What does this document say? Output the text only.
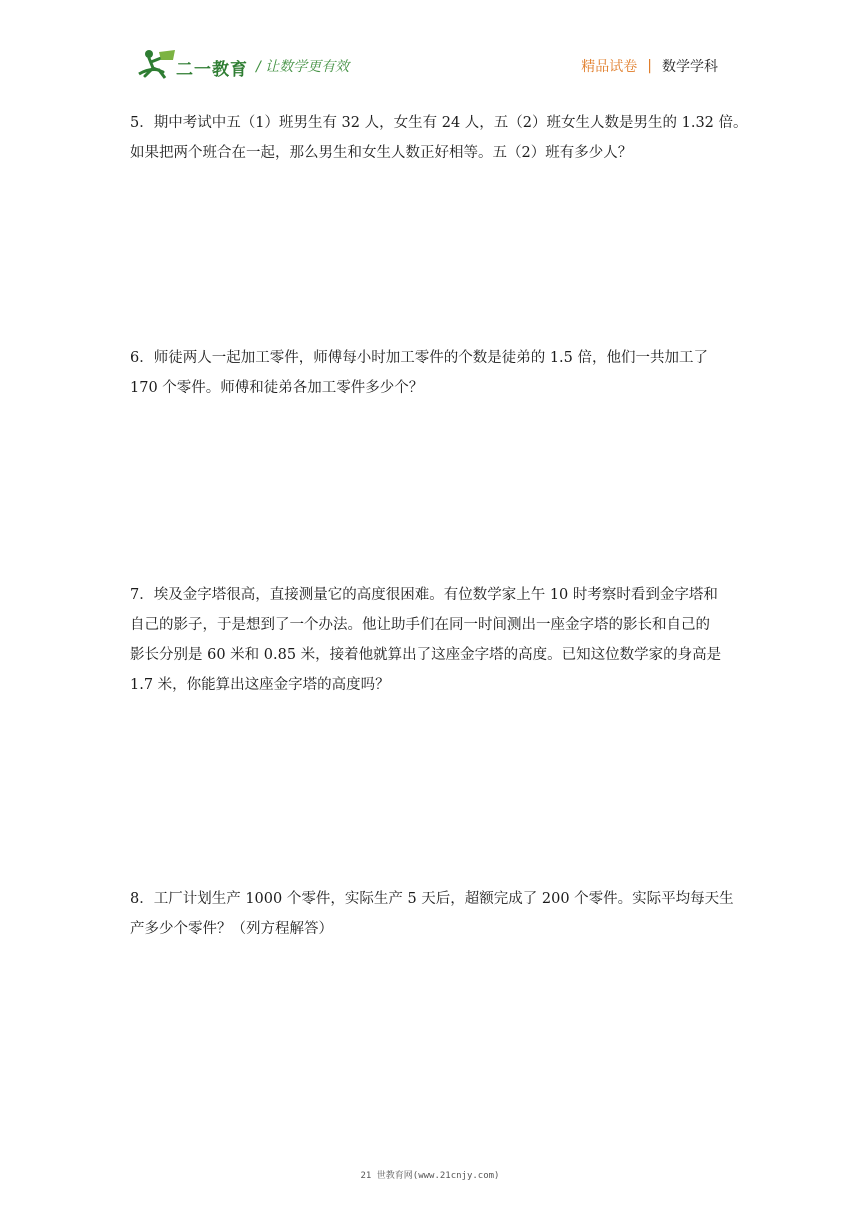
二一教育 / 让数学更有效	精品试卷 | 数学学科

5．期中考试中五（1）班男生有 32 人，女生有 24 人，五（2）班女生人数是男生的 1.32 倍。

如果把两个班合在一起，那么男生和女生人数正好相等。五（2）班有多少人？

6．师徒两人一起加工零件，师傅每小时加工零件的个数是徒弟的 1.5 倍，他们一共加工了

170 个零件。师傅和徒弟各加工零件多少个？

7．埃及金字塔很高，直接测量它的高度很困难。有位数学家上午 10 时考察时看到金字塔和

自己的影子，于是想到了一个办法。他让助手们在同一时间测出一座金字塔的影长和自己的

影长分别是 60 米和 0.85 米，接着他就算出了这座金字塔的高度。已知这位数学家的身高是

1.7 米，你能算出这座金字塔的高度吗？

8．工厂计划生产 1000 个零件，实际生产 5 天后，超额完成了 200 个零件。实际平均每天生

产多少个零件？（列方程解答）

21 世教育网(www.21cnjy.com)
